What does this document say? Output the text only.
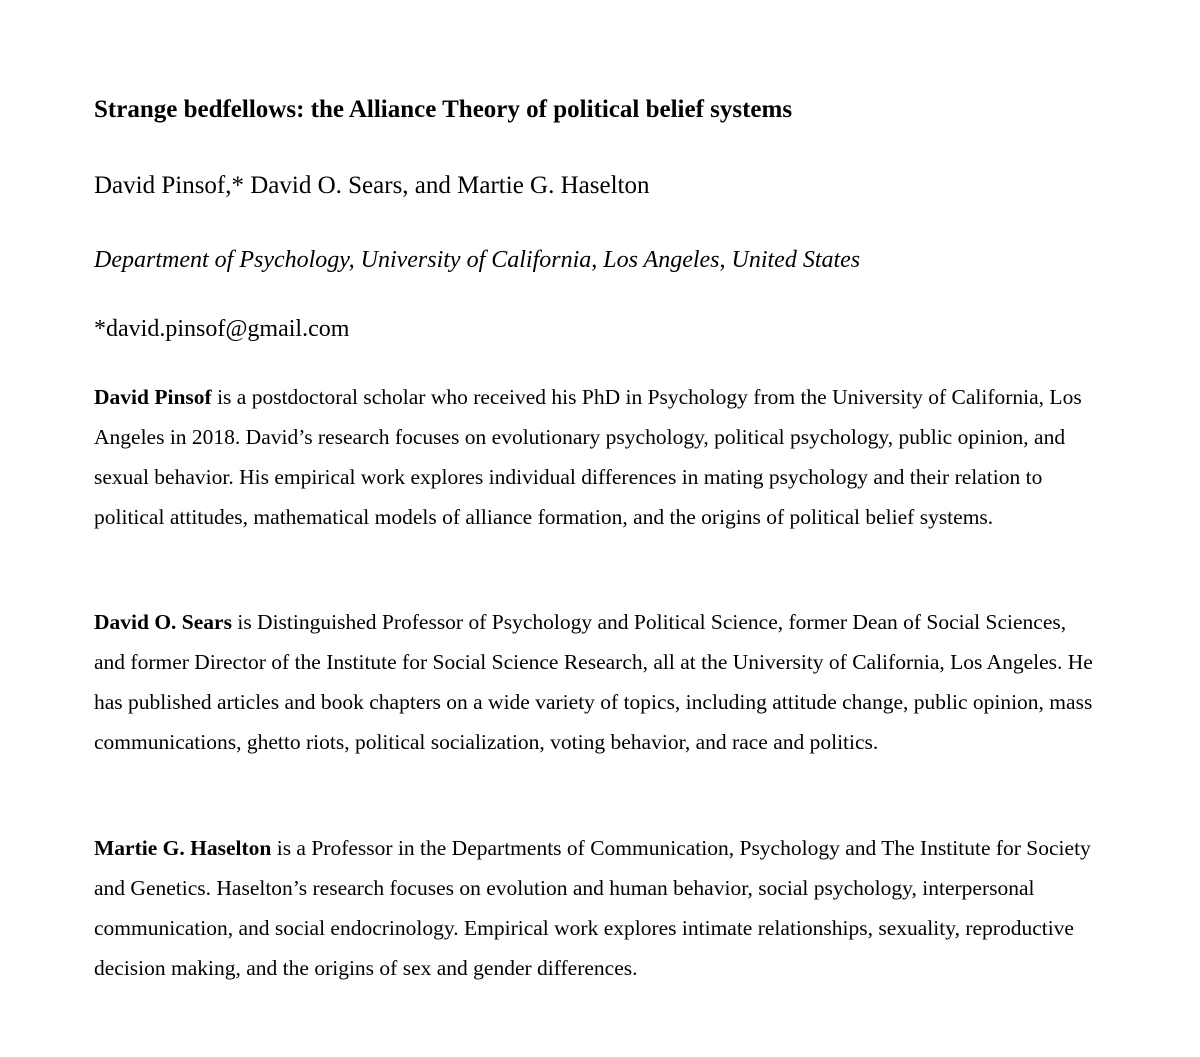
Strange bedfellows: the Alliance Theory of political belief systems

David Pinsof,* David O. Sears, and Martie G. Haselton

Department of Psychology, University of California, Los Angeles, United States

*david.pinsof@gmail.com

David Pinsof is a postdoctoral scholar who received his PhD in Psychology from the University of California, Los Angeles in 2018. David’s research focuses on evolutionary psychology, political psychology, public opinion, and sexual behavior. His empirical work explores individual differences in mating psychology and their relation to political attitudes, mathematical models of alliance formation, and the origins of political belief systems.

David O. Sears is Distinguished Professor of Psychology and Political Science, former Dean of Social Sciences, and former Director of the Institute for Social Science Research, all at the University of California, Los Angeles. He has published articles and book chapters on a wide variety of topics, including attitude change, public opinion, mass communications, ghetto riots, political socialization, voting behavior, and race and politics.

Martie G. Haselton is a Professor in the Departments of Communication, Psychology and The Institute for Society and Genetics. Haselton’s research focuses on evolution and human behavior, social psychology, interpersonal communication, and social endocrinology. Empirical work explores intimate relationships, sexuality, reproductive decision making, and the origins of sex and gender differences.
